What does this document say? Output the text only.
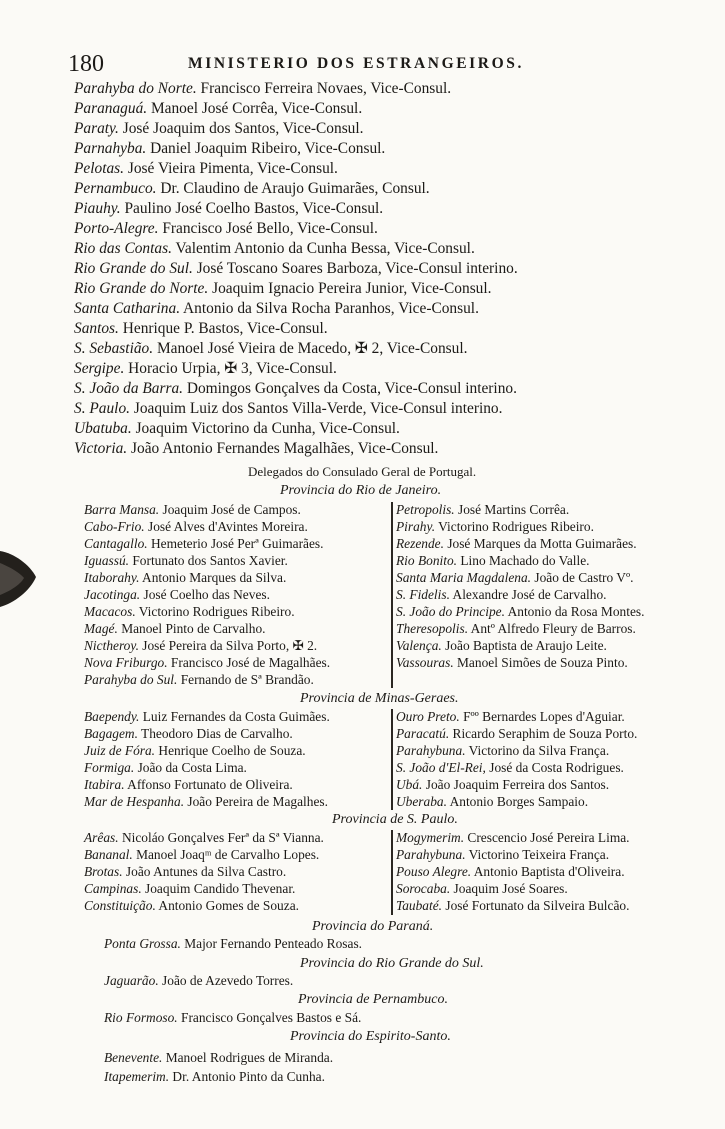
180	MINISTERIO DOS ESTRANGEIROS.
Parahyba do Norte. Francisco Ferreira Novaes, Vice-Consul.
Paranaguá. Manoel José Corrêa, Vice-Consul.
Paraty. José Joaquim dos Santos, Vice-Consul.
Parnahyba. Daniel Joaquim Ribeiro, Vice-Consul.
Pelotas. José Vieira Pimenta, Vice-Consul.
Pernambuco. Dr. Claudino de Araujo Guimarães, Consul.
Piauhy. Paulino José Coelho Bastos, Vice-Consul.
Porto-Alegre. Francisco José Bello, Vice-Consul.
Rio das Contas. Valentim Antonio da Cunha Bessa, Vice-Consul.
Rio Grande do Sul. José Toscano Soares Barboza, Vice-Consul interino.
Rio Grande do Norte. Joaquim Ignacio Pereira Junior, Vice-Consul.
Santa Catharina. Antonio da Silva Rocha Paranhos, Vice-Consul.
Santos. Henrique P. Bastos, Vice-Consul.
S. Sebastião. Manoel José Vieira de Macedo, ✠ 2, Vice-Consul.
Sergipe. Horacio Urpia, ✠ 3, Vice-Consul.
S. João da Barra. Domingos Gonçalves da Costa, Vice-Consul interino.
S. Paulo. Joaquim Luiz dos Santos Villa-Verde, Vice-Consul interino.
Ubatuba. Joaquim Victorino da Cunha, Vice-Consul.
Victoria. João Antonio Fernandes Magalhães, Vice-Consul.
Delegados do Consulado Geral de Portugal.
Provincia do Rio de Janeiro.
Barra Mansa. Joaquim José de Campos.
Cabo-Frio. José Alves d'Avintes Moreira.
Cantagallo. Hemeterio José Perª Guimarães.
Iguassú. Fortunato dos Santos Xavier.
Itaborahy. Antonio Marques da Silva.
Jacotinga. José Coelho das Neves.
Macacos. Victorino Rodrigues Ribeiro.
Magé. Manoel Pinto de Carvalho.
Nictheroy. José Pereira da Silva Porto, ✠ 2.
Nova Friburgo. Francisco José de Magalhães.
Parahyba do Sul. Fernando de Sª Brandão.
Petropolis. José Martins Corrêa.
Pirahy. Victorino Rodrigues Ribeiro.
Rezende. José Marques da Motta Guimarães.
Rio Bonito. Lino Machado do Valle.
Santa Maria Magdalena. João de Castro Vº.
S. Fidelis. Alexandre José de Carvalho.
S. João do Principe. Antonio da Rosa Montes.
Theresopolis. Antº Alfredo Fleury de Barros.
Valença. João Baptista de Araujo Leite.
Vassouras. Manoel Simões de Souza Pinto.
Provincia de Minas-Geraes.
Baependy. Luiz Fernandes da Costa Guimães.
Bagagem. Theodoro Dias de Carvalho.
Juiz de Fóra. Henrique Coelho de Souza.
Formiga. João da Costa Lima.
Itabira. Affonso Fortunato de Oliveira.
Mar de Hespanha. João Pereira de Magalhes.
Ouro Preto. Fºº Bernardes Lopes d'Aguiar.
Paracatú. Ricardo Seraphim de Souza Porto.
Parahybuna. Victorino da Silva França.
S. João d'El-Rei, José da Costa Rodrigues.
Ubá. João Joaquim Ferreira dos Santos.
Uberaba. Antonio Borges Sampaio.
Provincia de S. Paulo.
Arêas. Nicoláo Gonçalves Ferª da Sª Vianna.
Bananal. Manoel Joaqᵐ de Carvalho Lopes.
Brotas. João Antunes da Silva Castro.
Campinas. Joaquim Candido Thevenar.
Constituição. Antonio Gomes de Souza.
Mogymerim. Crescencio José Pereira Lima.
Parahybuna. Victorino Teixeira França.
Pouso Alegre. Antonio Baptista d'Oliveira.
Sorocaba. Joaquim José Soares.
Taubaté. José Fortunato da Silveira Bulcão.
Provincia do Paraná.
Ponta Grossa. Major Fernando Penteado Rosas.
Provincia do Rio Grande do Sul.
Jaguarão. João de Azevedo Torres.
Provincia de Pernambuco.
Rio Formoso. Francisco Gonçalves Bastos e Sá.
Provincia do Espirito-Santo.
Benevente. Manoel Rodrigues de Miranda.
Itapemerim. Dr. Antonio Pinto da Cunha.
